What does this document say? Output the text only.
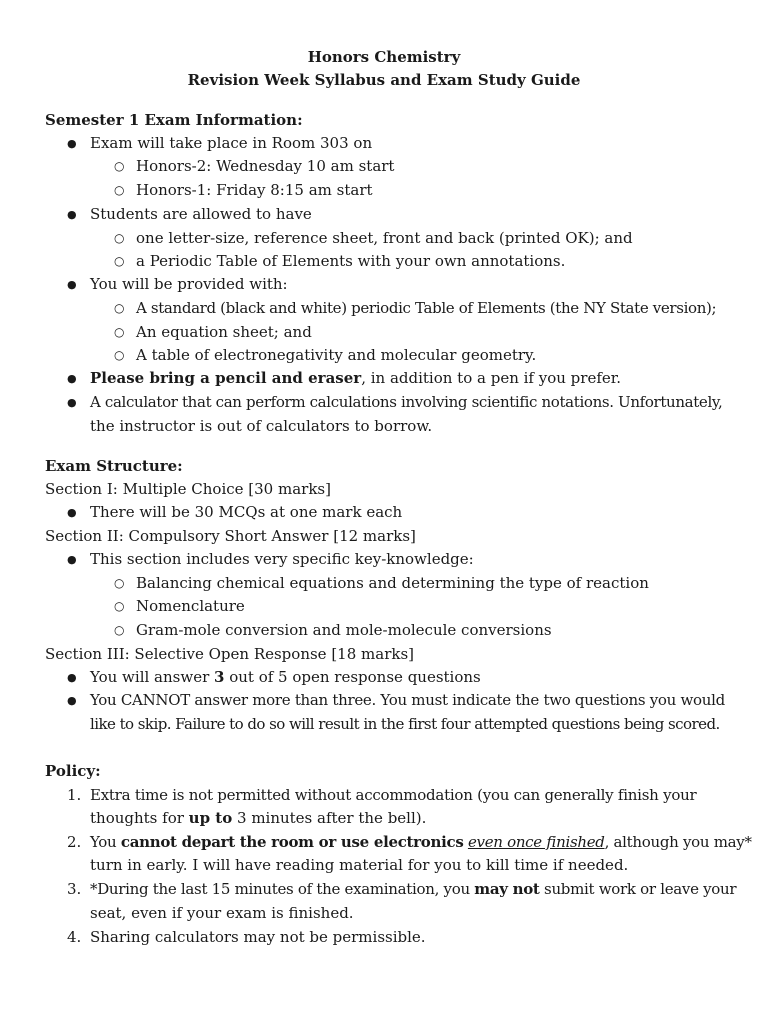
Honors Chemistry
Revision Week Syllabus and Exam Study Guide
Semester 1 Exam Information:
● Exam will take place in Room 303 on
○ Honors-2: Wednesday 10 am start
○ Honors-1: Friday 8:15 am start
● Students are allowed to have
○ one letter-size, reference sheet, front and back (printed OK); and
○ a Periodic Table of Elements with your own annotations.
● You will be provided with:
○ A standard (black and white) periodic Table of Elements (the NY State version);
○ An equation sheet; and
○ A table of electronegativity and molecular geometry.
● Please bring a pencil and eraser, in addition to a pen if you prefer.
● A calculator that can perform calculations involving scientific notations. Unfortunately,
the instructor is out of calculators to borrow.
Exam Structure:
Section I: Multiple Choice [30 marks]
● There will be 30 MCQs at one mark each
Section II: Compulsory Short Answer [12 marks]
● This section includes very specific key-knowledge:
○ Balancing chemical equations and determining the type of reaction
○ Nomenclature
○ Gram-mole conversion and mole-molecule conversions
Section III: Selective Open Response [18 marks]
● You will answer 3 out of 5 open response questions
● You CANNOT answer more than three. You must indicate the two questions you would
like to skip. Failure to do so will result in the first four attempted questions being scored.
Policy:
1. Extra time is not permitted without accommodation (you can generally finish your
thoughts for up to 3 minutes after the bell).
2. You cannot depart the room or use electronics even once finished, although you may*
turn in early. I will have reading material for you to kill time if needed.
3. *During the last 15 minutes of the examination, you may not submit work or leave your
seat, even if your exam is finished.
4. Sharing calculators may not be permissible.
